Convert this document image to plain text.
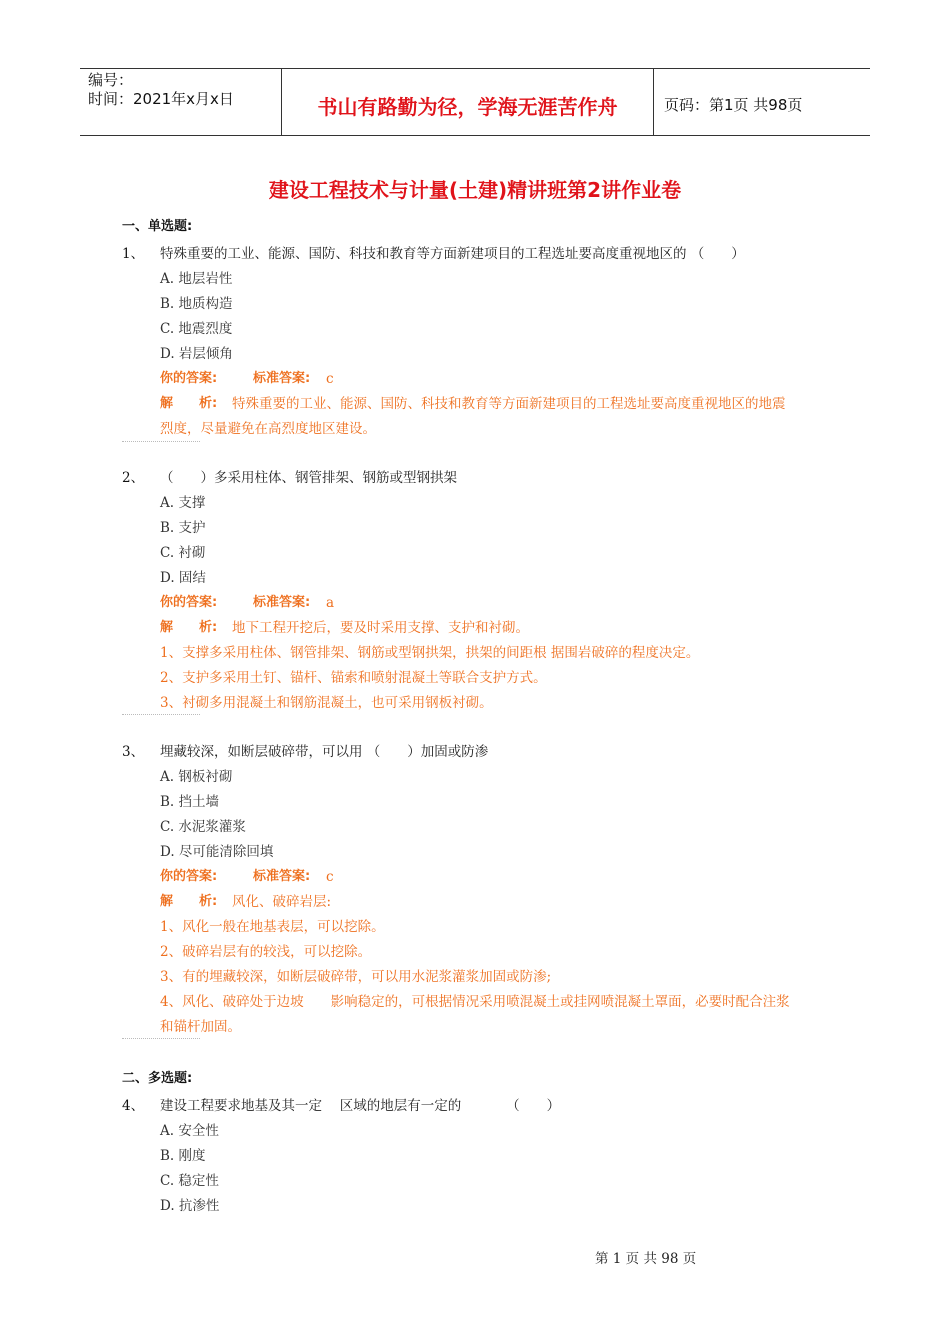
编号：
时间：2021年x月x日	书山有路勤为径，学海无涯苦作舟	页码：第1页 共98页
建设工程技术与计量(土建)精讲班第2讲作业卷
一、单选题:
1、 特殊重要的工业、能源、国防、科技和教育等方面新建项目的工程选址要高度重视地区的 （　　）
A. 地层岩性
B. 地质构造
C. 地震烈度
D. 岩层倾角
你的答案:	标准答案: c
解　　析: 特殊重要的工业、能源、国防、科技和教育等方面新建项目的工程选址要高度重视地区的地震
烈度，尽量避免在高烈度地区建设。
2、 （　　）多采用柱体、钢管排架、钢筋或型钢拱架
A. 支撑
B. 支护
C. 衬砌
D. 固结
你的答案:	标准答案: a
解　　析: 地下工程开挖后，要及时采用支撑、支护和衬砌。
1、支撑多采用柱体、钢管排架、钢筋或型钢拱架，拱架的间距根 据围岩破碎的程度决定。
2、支护多采用土钉、锚杆、锚索和喷射混凝土等联合支护方式。
3、衬砌多用混凝土和钢筋混凝土，也可采用钢板衬砌。
3、 埋藏较深，如断层破碎带，可以用 （　　）加固或防渗
A. 钢板衬砌
B. 挡土墙
C. 水泥浆灌浆
D. 尽可能清除回填
你的答案:	标准答案: c
解　　析: 风化、破碎岩层:
1、风化一般在地基表层，可以挖除。
2、破碎岩层有的较浅，可以挖除。
3、有的埋藏较深，如断层破碎带，可以用水泥浆灌浆加固或防渗;
4、风化、破碎处于边坡　　影响稳定的，可根据情况采用喷混凝土或挂网喷混凝土罩面，必要时配合注浆
和锚杆加固。
二、多选题:
4、 建设工程要求地基及其一定　 区域的地层有一定的　　　 （　　）
A. 安全性
B. 刚度
C. 稳定性
D. 抗渗性
第 1 页 共 98 页
